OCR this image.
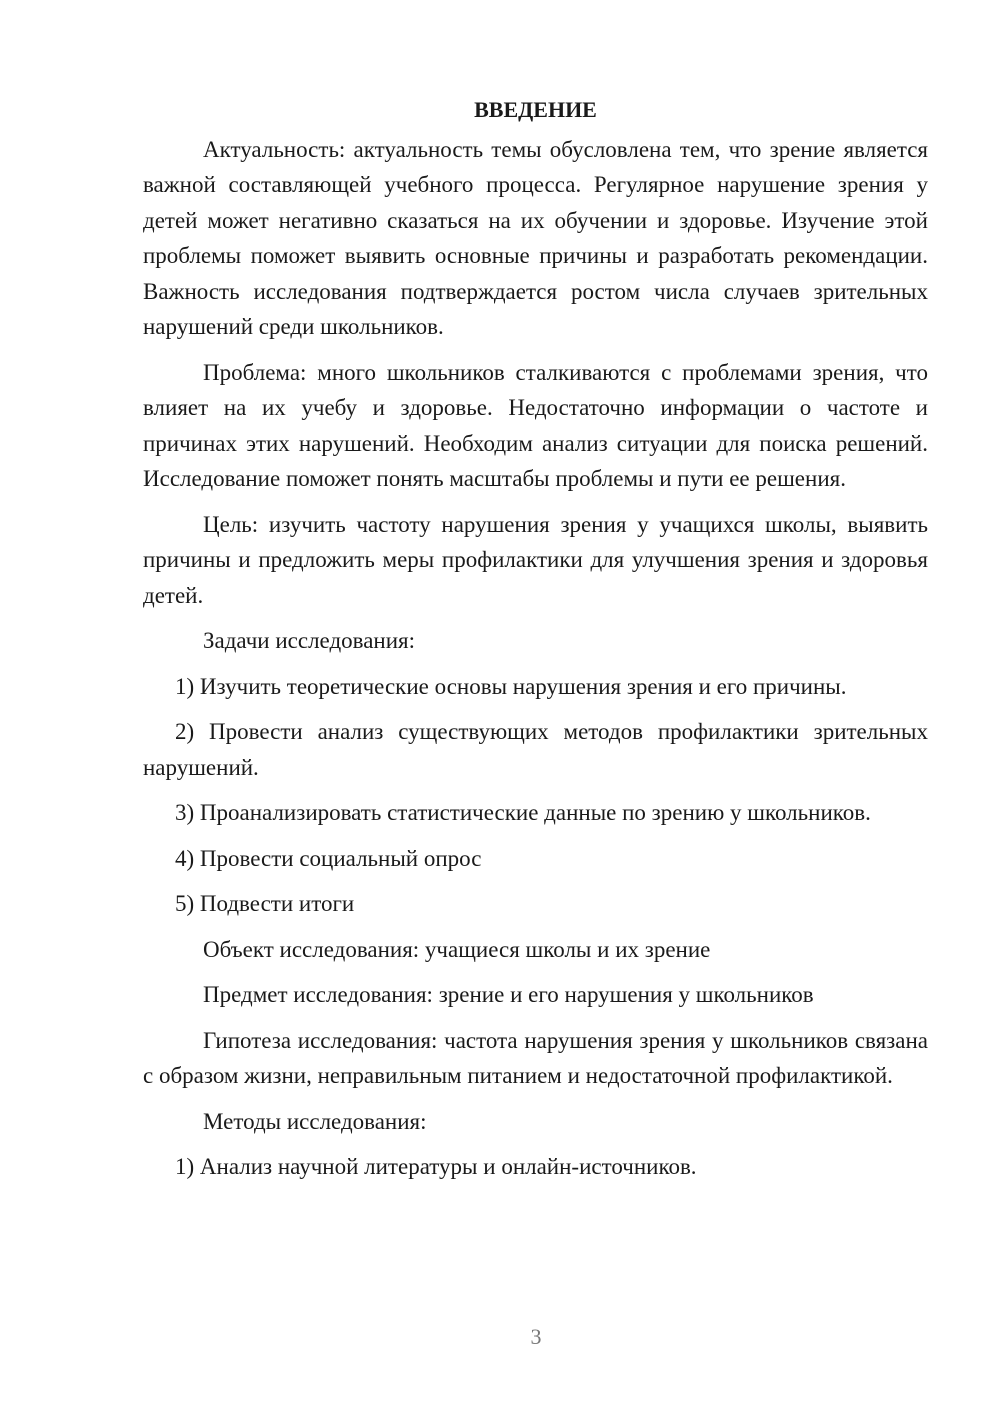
ВВЕДЕНИЕ

Актуальность: актуальность темы обусловлена тем, что зрение является важной составляющей учебного процесса. Регулярное нарушение зрения у детей может негативно сказаться на их обучении и здоровье. Изучение этой проблемы поможет выявить основные причины и разработать рекомендации. Важность исследования подтверждается ростом числа случаев зрительных нарушений среди школьников.

Проблема: много школьников сталкиваются с проблемами зрения, что влияет на их учебу и здоровье. Недостаточно информации о частоте и причинах этих нарушений. Необходим анализ ситуации для поиска решений. Исследование поможет понять масштабы проблемы и пути ее решения.

Цель: изучить частоту нарушения зрения у учащихся школы, выявить причины и предложить меры профилактики для улучшения зрения и здоровья детей.

Задачи исследования:

1) Изучить теоретические основы нарушения зрения и его причины.

2) Провести анализ существующих методов профилактики зрительных нарушений.

3) Проанализировать статистические данные по зрению у школьников.

4) Провести социальный опрос

5) Подвести итоги

Объект исследования: учащиеся школы и их зрение

Предмет исследования: зрение и его нарушения у школьников

Гипотеза исследования: частота нарушения зрения у школьников связана с образом жизни, неправильным питанием и недостаточной профилактикой.

Методы исследования:

1) Анализ научной литературы и онлайн-источников.

3
